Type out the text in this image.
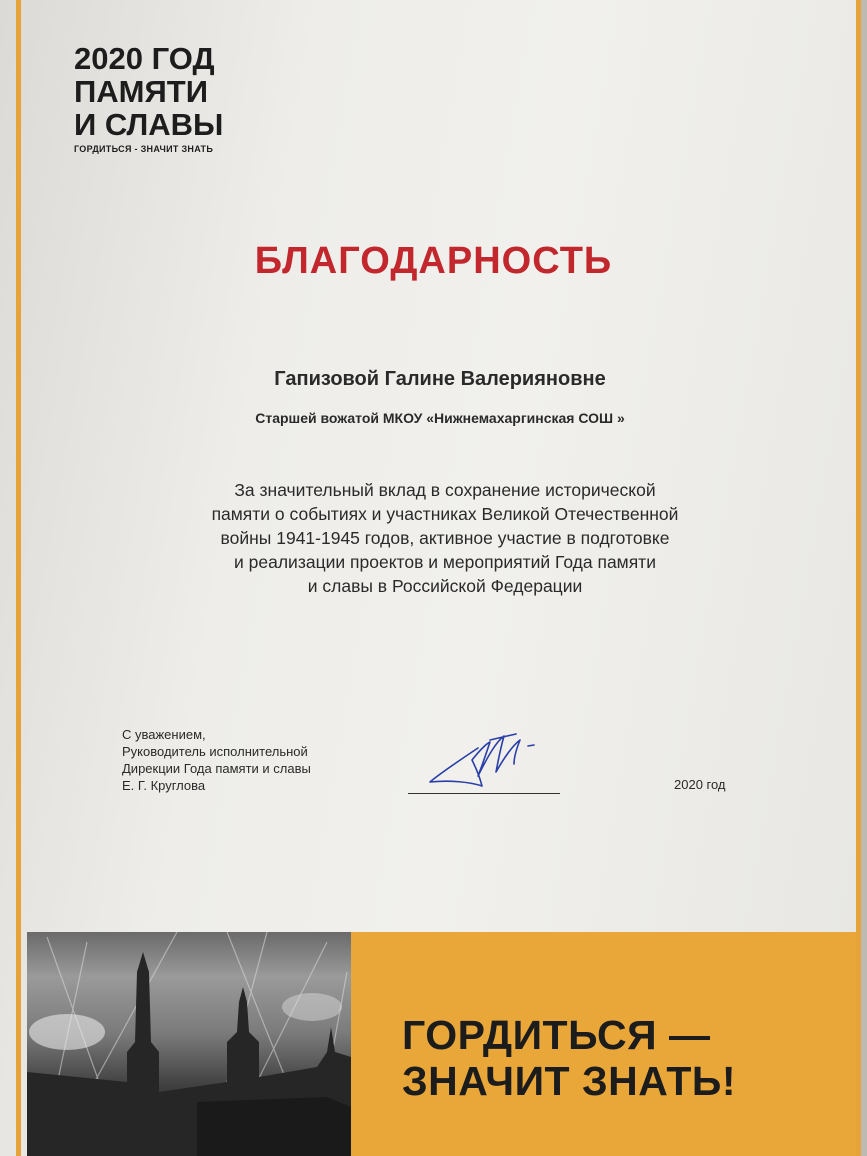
2020 ГОД
ПАМЯТИ
И СЛАВЫ
ГОРДИТЬСЯ - ЗНАЧИТ ЗНАТЬ
БЛАГОДАРНОСТЬ
Гапизовой Галине Валерияновне
Старшей вожатой МКОУ «Нижнемахаргинская СОШ »
За значительный вклад в сохранение исторической
памяти о событиях и участниках Великой Отечественной
войны 1941-1945 годов, активное участие в подготовке
и реализации проектов и мероприятий Года памяти
и славы в Российской Федерации
С уважением,
Руководитель исполнительной
Дирекции Года памяти и славы
Е. Г. Круглова	2020 год
ГОРДИТЬСЯ —
ЗНАЧИТ ЗНАТЬ!
